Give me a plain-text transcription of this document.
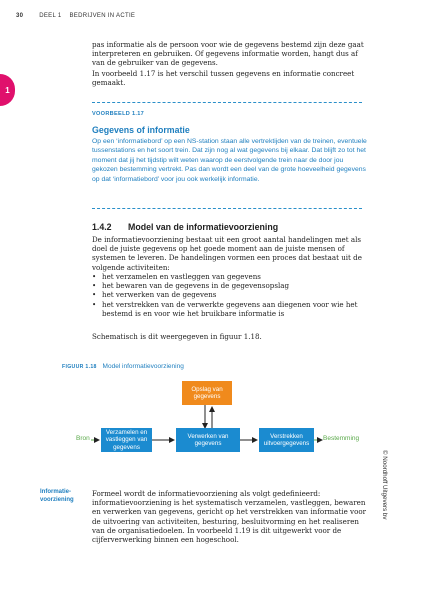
30	DEEL 1 BEDRIJVEN IN ACTIE
1

pas informatie als de persoon voor wie de gegevens bestemd zijn deze gaat interpreteren en gebruiken. Of gegevens informatie worden, hangt dus af van de gebruiker van de gegevens.

In voorbeeld 1.17 is het verschil tussen gegevens en informatie concreet gemaakt.

VOORBEELD 1.17

Gegevens of informatie

Op een ‘informatiebord’ op een NS-station staan alle vertrektijden van de treinen, eventuele tussenstations en het soort trein. Dat zijn nog al wat gegevens bij elkaar. Dat blijft zo tot het moment dat jij het tijdstip wilt weten waarop de eerstvolgende trein naar de door jou gekozen bestemming vertrekt. Pas dan wordt een deel van de grote hoeveelheid gegevens op dat ‘informatiebord’ voor jou ook werkelijk informatie.

1.4.2 Model van de informatievoorziening

De informatievoorziening bestaat uit een groot aantal handelingen met als doel de juiste gegevens op het goede moment aan de juiste mensen of systemen te leveren. De handelingen vormen een proces dat bestaat uit de volgende activiteiten:

• het verzamelen en vastleggen van gegevens
• het bewaren van de gegevens in de gegevensopslag
• het verwerken van de gegevens
• het verstrekken van de verwerkte gegevens aan diegenen voor wie het bestemd is en voor wie het bruikbare informatie is

Schematisch is dit weergegeven in figuur 1.18.

FIGUUR 1.18 Model informatievoorziening
Opslag van gegevens
Verzamelen en vastleggen van gegevens
Verwerken van gegevens
Verstrekken uitvoergegevens
Bron	Bestemming
Informatie-voorziening

Formeel wordt de informatievoorziening als volgt gedefinieerd: informatievoorziening is het systematisch verzamelen, vastleggen, bewaren en verwerken van gegevens, gericht op het verstrekken van informatie voor de uitvoering van activiteiten, besturing, besluitvorming en het realiseren van de organisatiedoelen. In voorbeeld 1.19 is dit uitgewerkt voor de cijferverwerking binnen een hogeschool.

© Noordhoff Uitgevers bv
